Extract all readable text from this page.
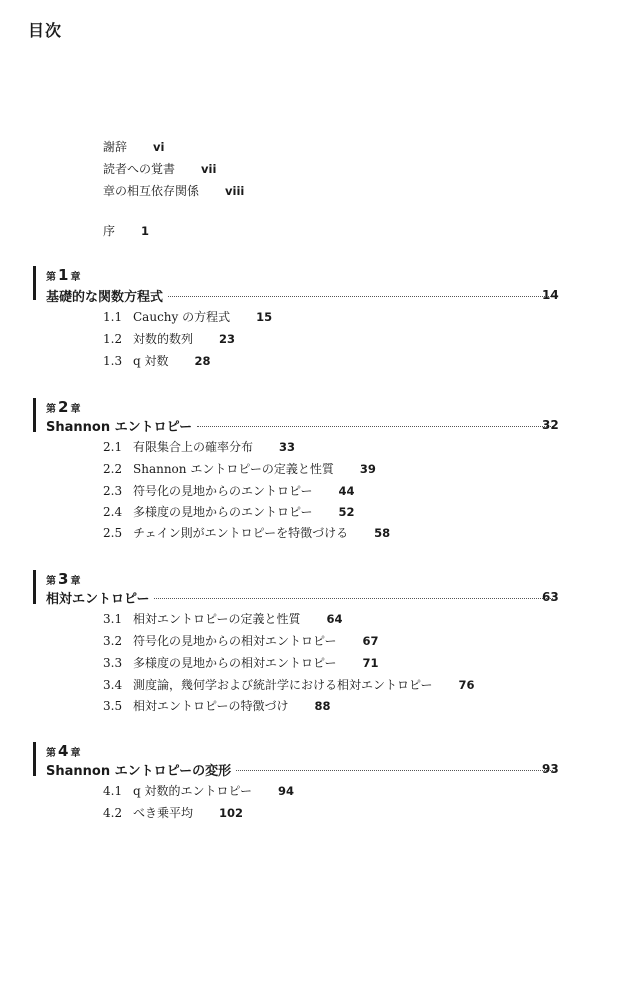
目次
謝辞 vi
読者への覚書 vii
章の相互依存関係 viii
序 1
第 1 章
基礎的な関数方程式	14
1.1 Cauchy の方程式 15
1.2 対数的数列 23
1.3 q 対数 28
第 2 章
Shannon エントロピー	32
2.1 有限集合上の確率分布 33
2.2 Shannon エントロピーの定義と性質 39
2.3 符号化の見地からのエントロピー 44
2.4 多様度の見地からのエントロピー 52
2.5 チェイン則がエントロピーを特徴づける 58
第 3 章
相対エントロピー	63
3.1 相対エントロピーの定義と性質 64
3.2 符号化の見地からの相対エントロピー 67
3.3 多様度の見地からの相対エントロピー 71
3.4 測度論，幾何学および統計学における相対エントロピー 76
3.5 相対エントロピーの特徴づけ 88
第 4 章
Shannon エントロピーの変形	93
4.1 q 対数的エントロピー 94
4.2 べき乗平均 102
